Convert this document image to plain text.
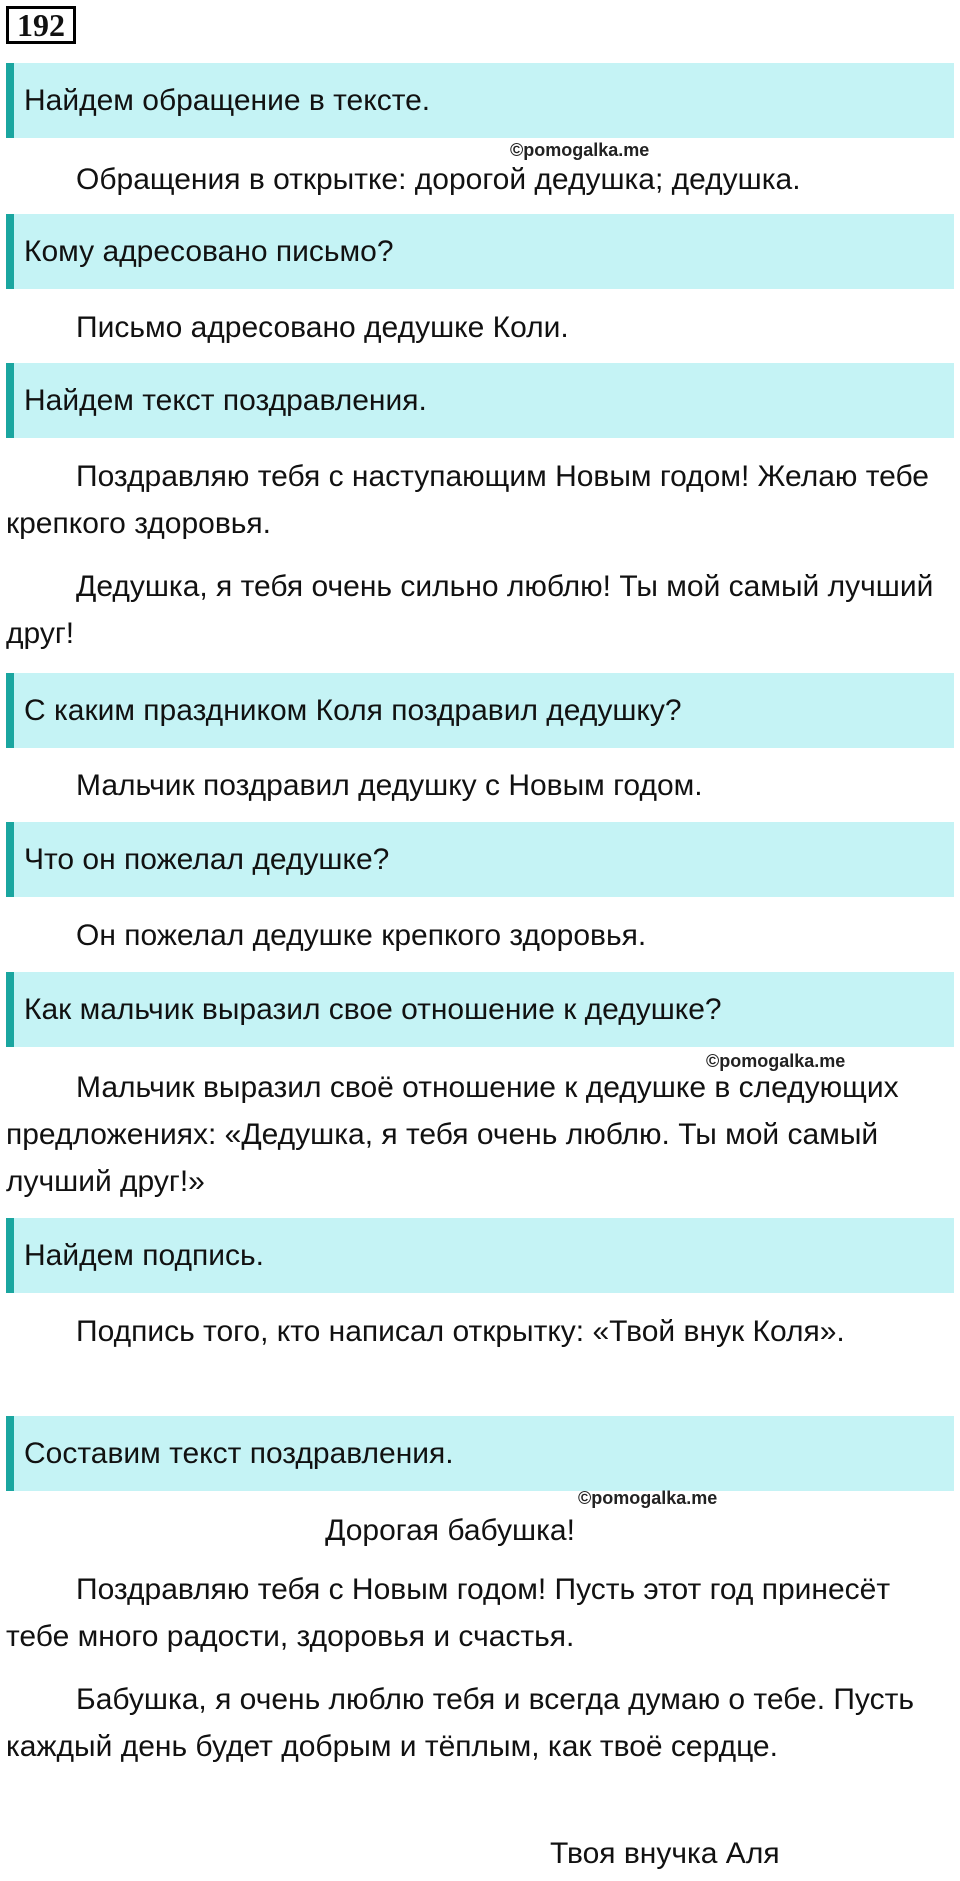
192
Найдем обращение в тексте.
©pomogalka.me

Обращения в открытке: дорогой дедушка; дедушка.

Кому адресовано письмо?

Письмо адресовано дедушке Коли.

Найдем текст поздравления.

Поздравляю тебя с наступающим Новым годом! Желаю тебе крепкого здоровья.

Дедушка, я тебя очень сильно люблю! Ты мой самый лучший друг!

С каким праздником Коля поздравил дедушку?

Мальчик поздравил дедушку с Новым годом.

Что он пожелал дедушке?

Он пожелал дедушке крепкого здоровья.

Как мальчик выразил свое отношение к дедушке?
©pomogalka.me

Мальчик выразил своё отношение к дедушке в следующих предложениях: «Дедушка, я тебя очень люблю. Ты мой самый лучший друг!»

Найдем подпись.

Подпись того, кто написал открытку: «Твой внук Коля».

Составим текст поздравления.
©pomogalka.me
Дорогая бабушка!

Поздравляю тебя с Новым годом! Пусть этот год принесёт тебе много радости, здоровья и счастья.

Бабушка, я очень люблю тебя и всегда думаю о тебе. Пусть каждый день будет добрым и тёплым, как твоё сердце.

Твоя внучка Аля
